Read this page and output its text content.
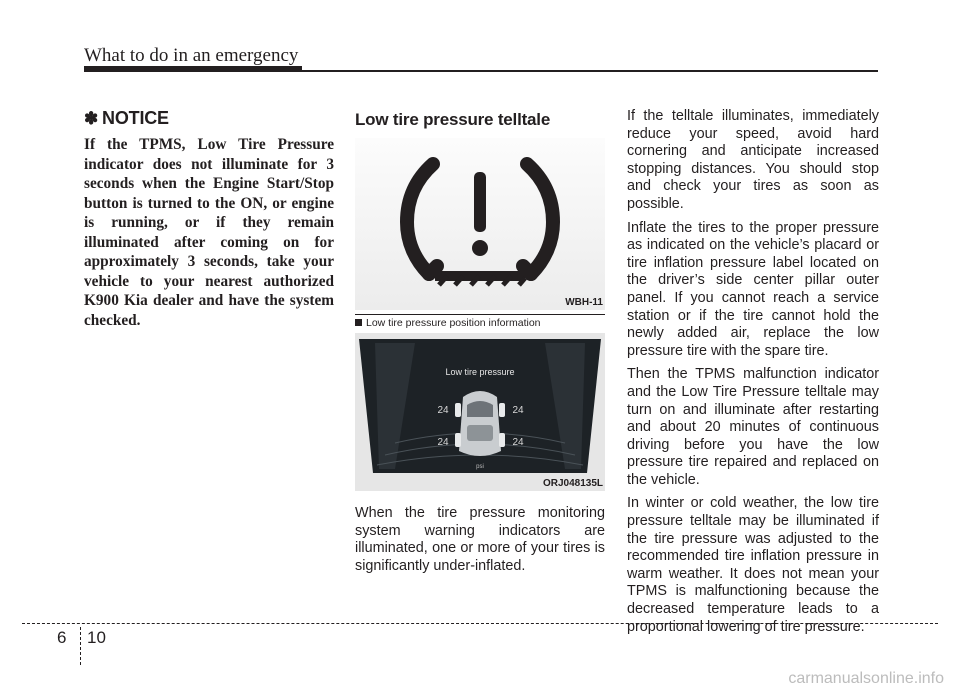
What to do in an emergency
✽ NOTICE

If the TPMS, Low Tire Pressure indicator does not illuminate for 3 seconds when the Engine Start/Stop button is turned to the ON, or engine is running, or if they remain illuminated after coming on for approximately 3 seconds, take your vehicle to your nearest authorized K900 Kia dealer and have the system checked.

Low tire pressure telltale
WBH-11
Low tire pressure position information
Low tire pressure
24	24
24	24
psi
ORJ048135L

When the tire pressure monitoring system warning indicators are illuminated, one or more of your tires is significantly under-inflated.

If the telltale illuminates, immediately reduce your speed, avoid hard cornering and anticipate increased stopping distances. You should stop and check your tires as soon as possible.

Inflate the tires to the proper pressure as indicated on the vehicle’s placard or tire inflation pressure label located on the driver’s side center pillar outer panel. If you cannot reach a service station or if the tire cannot hold the newly added air, replace the low pressure tire with the spare tire.

Then the TPMS malfunction indicator and the Low Tire Pressure telltale may turn on and illuminate after restarting and about 20 minutes of continuous driving before you have the low pressure tire repaired and replaced on the vehicle.

In winter or cold weather, the low tire pressure telltale may be illuminated if the tire pressure was adjusted to the recommended tire inflation pressure in warm weather. It does not mean your TPMS is malfunctioning because the decreased temperature leads to a proportional lowering of tire pressure.

6 10
carmanualsonline.info
